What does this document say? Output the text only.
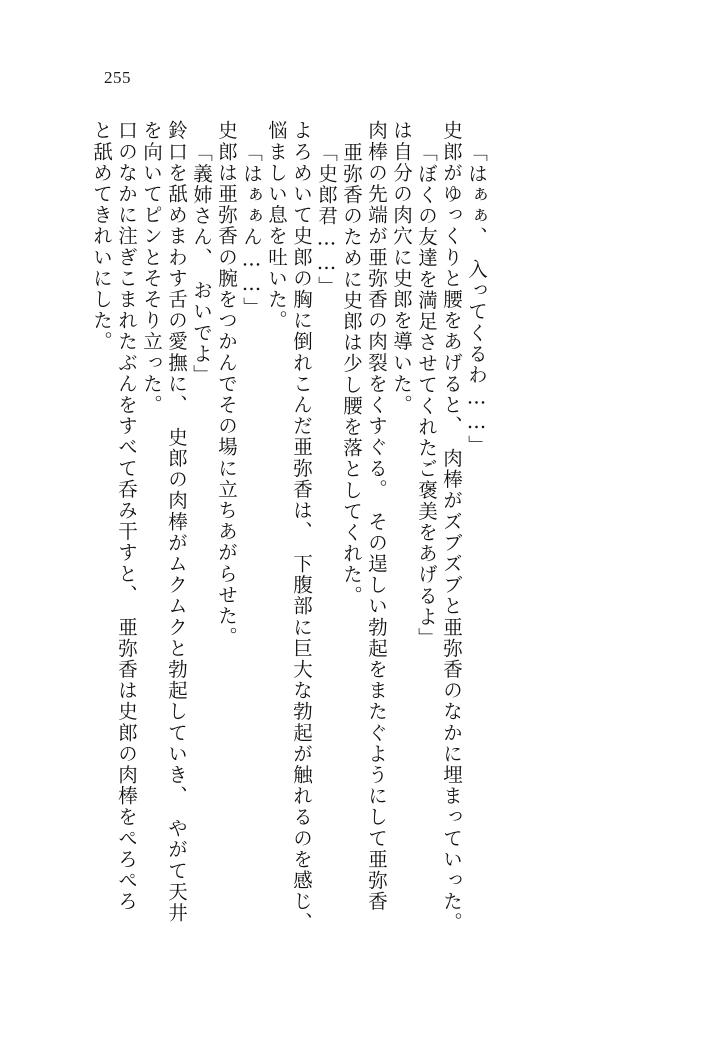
255
と舐めてきれいにした。 口のなかに注ぎこまれたぶんをすべて呑み干すと、　亜弥香は史郎の肉棒をぺろぺろ を向いてピンとそそり立った。 鈴口を舐めまわす舌の愛撫に、　史郎の肉棒がムクムクと勃起していき、　やがて天井 「義姉さん、　おいでよ」 史郎は亜弥香の腕をつかんでその場に立ちあがらせた。 「はぁぁん……」 悩ましい息を吐いた。 よろめいて史郎の胸に倒れこんだ亜弥香は、　下腹部に巨大な勃起が触れるのを感じ、 「史郎君……」 亜弥香のために史郎は少し腰を落としてくれた。 肉棒の先端が亜弥香の肉裂をくすぐる。　その逞しい勃起をまたぐようにして亜弥香 は自分の肉穴に史郎を導いた。 「ぼくの友達を満足させてくれたご褒美をあげるよ」 史郎がゆっくりと腰をあげると、　肉棒がズブズブと亜弥香のなかに埋まっていった。 「はぁぁ、　入ってくるわ……」
